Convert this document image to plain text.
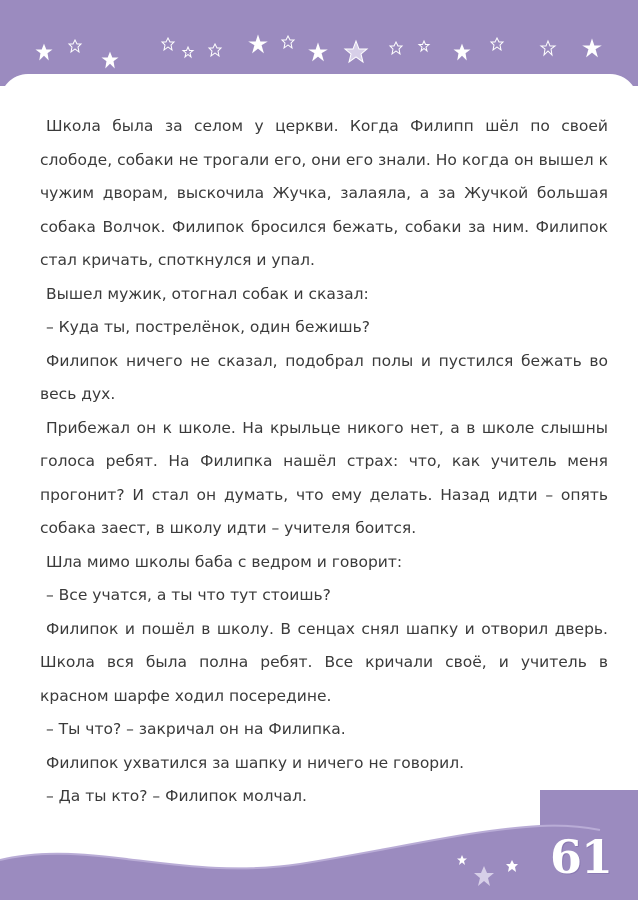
Школа была за селом у церкви. Когда Филипп шёл по своей слободе, собаки не трогали его, они его знали. Но когда он вышел к чужим дворам, выскочила Жучка, залаяла, а за Жучкой большая собака Волчок. Филипок бросился бежать, собаки за ним. Филипок стал кричать, споткнулся и упал.

Вышел мужик, отогнал собак и сказал:

– Куда ты, пострелёнок, один бежишь?

Филипок ничего не сказал, подобрал полы и пустился бежать во весь дух.

Прибежал он к школе. На крыльце никого нет, а в школе слышны голоса ребят. На Филипка нашёл страх: что, как учитель меня прогонит? И стал он думать, что ему делать. Назад идти – опять собака заест, в школу идти – учителя боится.

Шла мимо школы баба с ведром и говорит:

– Все учатся, а ты что тут стоишь?

Филипок и пошёл в школу. В сенцах снял шапку и отворил дверь. Школа вся была полна ребят. Все кричали своё, и учитель в красном шарфе ходил посередине.

– Ты что? – закричал он на Филипка.

Филипок ухватился за шапку и ничего не говорил.

– Да ты кто? – Филипок молчал.

61
